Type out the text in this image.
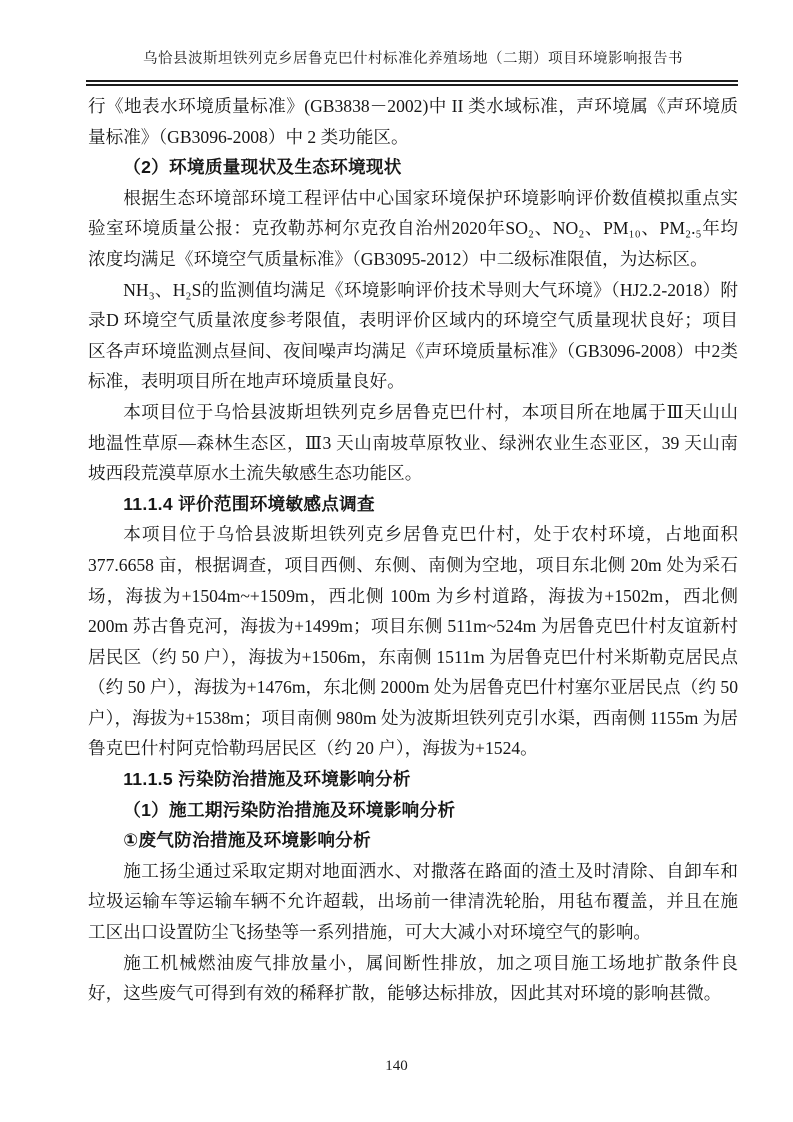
乌恰县波斯坦铁列克乡居鲁克巴什村标准化养殖场地（二期）项目环境影响报告书

行《地表水环境质量标准》(GB3838－2002)中 II 类水域标准，声环境属《声环境质量标准》（GB3096-2008）中 2 类功能区。

（2）环境质量现状及生态环境现状

根据生态环境部环境工程评估中心国家环境保护环境影响评价数值模拟重点实验室环境质量公报：克孜勒苏柯尔克孜自治州2020年SO₂、NO₂、PM₁₀、PM₂.₅年均浓度均满足《环境空气质量标准》（GB3095-2012）中二级标准限值，为达标区。

NH₃、H₂S的监测值均满足《环境影响评价技术导则大气环境》（HJ2.2-2018）附录D 环境空气质量浓度参考限值，表明评价区域内的环境空气质量现状良好；项目区各声环境监测点昼间、夜间噪声均满足《声环境质量标准》（GB3096-2008）中2类标准，表明项目所在地声环境质量良好。

本项目位于乌恰县波斯坦铁列克乡居鲁克巴什村，本项目所在地属于Ⅲ天山山地温性草原—森林生态区，Ⅲ3 天山南坡草原牧业、绿洲农业生态亚区，39 天山南坡西段荒漠草原水土流失敏感生态功能区。

11.1.4 评价范围环境敏感点调查

本项目位于乌恰县波斯坦铁列克乡居鲁克巴什村，处于农村环境，占地面积377.6658 亩，根据调查，项目西侧、东侧、南侧为空地，项目东北侧 20m 处为采石场，海拔为+1504m~+1509m，西北侧 100m 为乡村道路，海拔为+1502m，西北侧 200m 苏古鲁克河，海拔为+1499m；项目东侧 511m~524m 为居鲁克巴什村友谊新村居民区（约 50 户），海拔为+1506m，东南侧 1511m 为居鲁克巴什村米斯勒克居民点（约 50 户），海拔为+1476m，东北侧 2000m 处为居鲁克巴什村塞尔亚居民点（约 50 户），海拔为+1538m；项目南侧 980m 处为波斯坦铁列克引水渠，西南侧 1155m 为居鲁克巴什村阿克恰勒玛居民区（约 20 户），海拔为+1524。

11.1.5 污染防治措施及环境影响分析

（1）施工期污染防治措施及环境影响分析

①废气防治措施及环境影响分析

施工扬尘通过采取定期对地面洒水、对撒落在路面的渣土及时清除、自卸车和垃圾运输车等运输车辆不允许超载，出场前一律清洗轮胎，用毡布覆盖，并且在施工区出口设置防尘飞扬垫等一系列措施，可大大减小对环境空气的影响。

施工机械燃油废气排放量小，属间断性排放，加之项目施工场地扩散条件良好，这些废气可得到有效的稀释扩散，能够达标排放，因此其对环境的影响甚微。

140
